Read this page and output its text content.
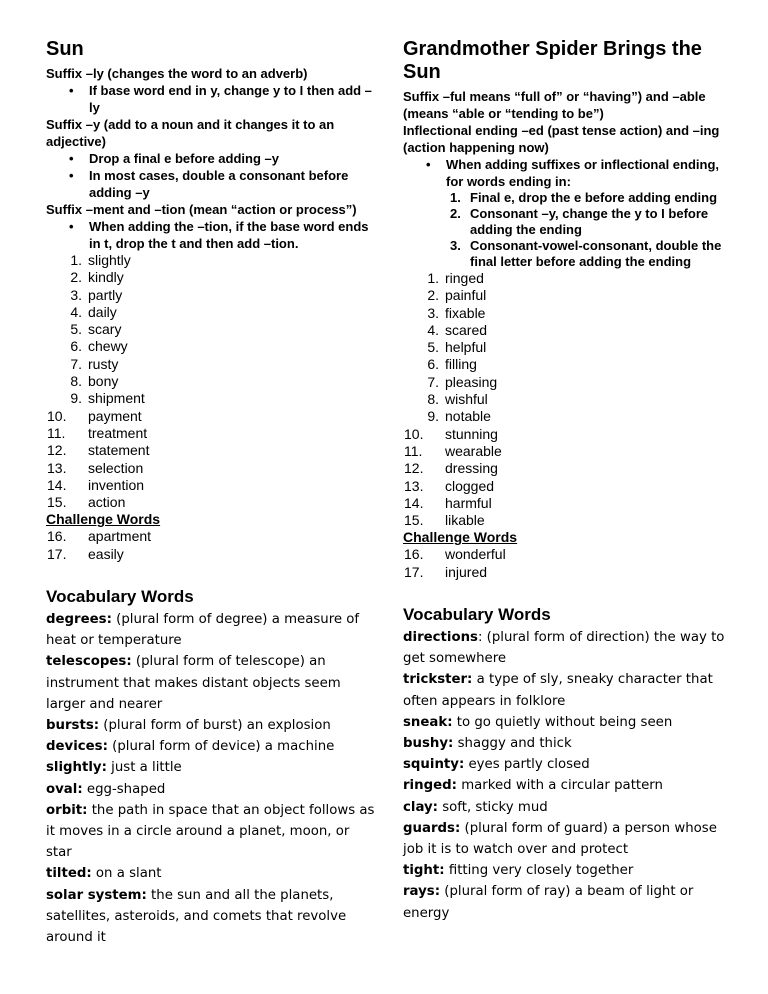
Sun

Suffix –ly (changes the word to an adverb)

• If base word end in y, change y to I then add –ly

Suffix –y (add to a noun and it changes it to an adjective)

• Drop a final e before adding –y
• In most cases, double a consonant before adding –y

Suffix –ment and –tion (mean “action or process”)

• When adding the –tion, if the base word ends in t, drop the t and then add –tion.
1. slightly
2. kindly
3. partly
4. daily
5. scary
6. chewy
7. rusty
8. bony
9. shipment
10.	payment
11.	treatment
12.	statement
13.	selection
14.	invention
15.	action

Challenge Words

16.	apartment
17.	easily
Vocabulary Words

degrees: (plural form of degree) a measure of heat or temperature

telescopes: (plural form of telescope) an instrument that makes distant objects seem larger and nearer

bursts: (plural form of burst) an explosion

devices: (plural form of device) a machine

slightly: just a little

oval: egg-shaped

orbit: the path in space that an object follows as it moves in a circle around a planet, moon, or star

tilted: on a slant

solar system: the sun and all the planets, satellites, asteroids, and comets that revolve around it

Grandmother Spider Brings the Sun

Suffix –ful means “full of” or “having”) and –able (means “able or “tending to be”)

Inflectional ending –ed (past tense action) and –ing (action happening now)

• When adding suffixes or inflectional ending, for words ending in:
1. Final e, drop the e before adding ending
2. Consonant –y, change the y to I before adding the ending
3. Consonant-vowel-consonant, double the final letter before adding the ending
1. ringed
2. painful
3. fixable
4. scared
5. helpful
6. filling
7. pleasing
8. wishful
9. notable
10.	stunning
11.	wearable
12.	dressing
13.	clogged
14.	harmful
15.	likable

Challenge Words

16.	wonderful
17.	injured
Vocabulary Words

directions: (plural form of direction) the way to get somewhere

trickster: a type of sly, sneaky character that often appears in folklore

sneak: to go quietly without being seen

bushy: shaggy and thick

squinty: eyes partly closed

ringed: marked with a circular pattern

clay: soft, sticky mud

guards: (plural form of guard) a person whose job it is to watch over and protect

tight: fitting very closely together

rays: (plural form of ray) a beam of light or energy
